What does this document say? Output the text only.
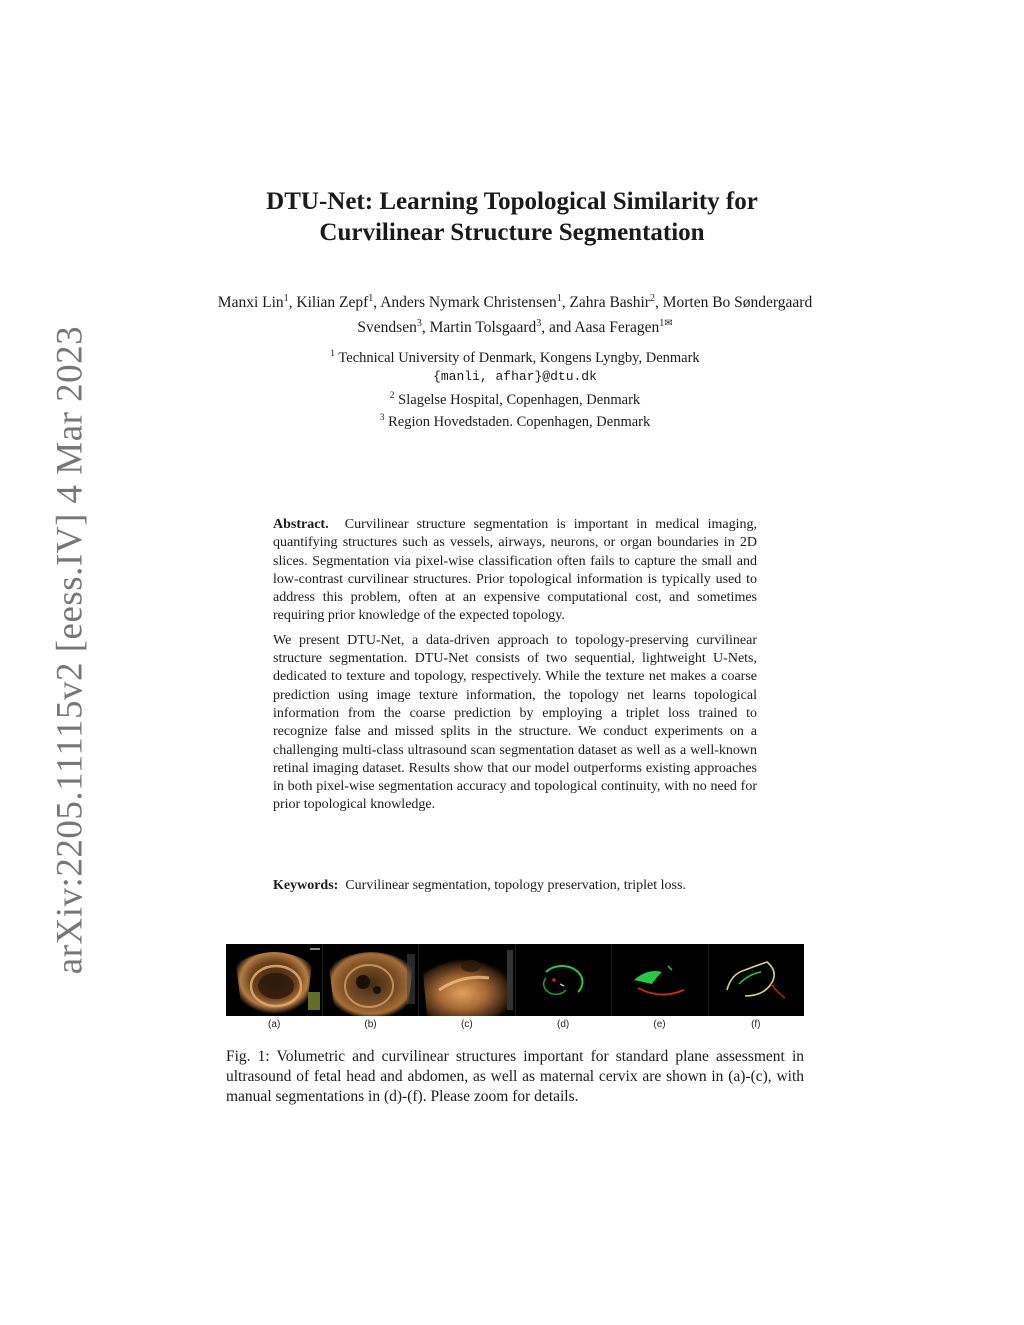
arXiv:2205.11115v2 [eess.IV] 4 Mar 2023
DTU-Net: Learning Topological Similarity for
Curvilinear Structure Segmentation
Manxi Lin$^1$, Kilian Zepf$^1$, Anders Nymark Christensen$^1$, Zahra Bashir$^2$, Morten Bo Søndergaard Svendsen$^3$, Martin Tolsgaard$^3$, and Aasa Feragen$^{1✉}$
$^1$ Technical University of Denmark, Kongens Lyngby, Denmark
{manli, afhar}@dtu.dk
$^2$ Slagelse Hospital, Copenhagen, Denmark
$^3$ Region Hovedstaden. Copenhagen, Denmark

Abstract. Curvilinear structure segmentation is important in medical imaging, quantifying structures such as vessels, airways, neurons, or organ boundaries in 2D slices. Segmentation via pixel-wise classification often fails to capture the small and low-contrast curvilinear structures. Prior topological information is typically used to address this problem, often at an expensive computational cost, and sometimes requiring prior knowledge of the expected topology.

We present DTU-Net, a data-driven approach to topology-preserving curvilinear structure segmentation. DTU-Net consists of two sequential, lightweight U-Nets, dedicated to texture and topology, respectively. While the texture net makes a coarse prediction using image texture information, the topology net learns topological information from the coarse prediction by employing a triplet loss trained to recognize false and missed splits in the structure. We conduct experiments on a challenging multi-class ultrasound scan segmentation dataset as well as a well-known retinal imaging dataset. Results show that our model outperforms existing approaches in both pixel-wise segmentation accuracy and topological continuity, with no need for prior topological knowledge.

Keywords: Curvilinear segmentation, topology preservation, triplet loss.
(a)	(b)	(c)	(d)	(e)	(f)
Fig. 1: Volumetric and curvilinear structures important for standard plane assessment in ultrasound of fetal head and abdomen, as well as maternal cervix are shown in (a)-(c), with manual segmentations in (d)-(f). Please zoom for details.
